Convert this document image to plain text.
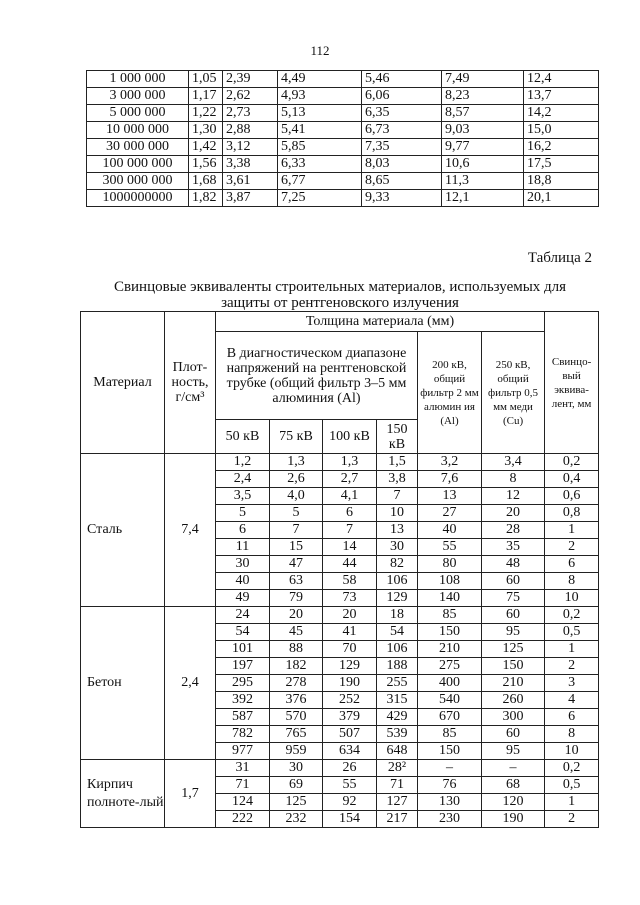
112
1 000 000	1,05	2,39	4,49	5,46	7,49	12,4
3 000 000	1,17	2,62	4,93	6,06	8,23	13,7
5 000 000	1,22	2,73	5,13	6,35	8,57	14,2
10 000 000	1,30	2,88	5,41	6,73	9,03	15,0
30 000 000	1,42	3,12	5,85	7,35	9,77	16,2
100 000 000	1,56	3,38	6,33	8,03	10,6	17,5
300 000 000	1,68	3,61	6,77	8,65	11,3	18,8
1000000000	1,82	3,87	7,25	9,33	12,1	20,1
Таблица 2
Свинцовые эквиваленты строительных материалов, используемых для защиты от рентгеновского излучения
Материал	Плот-ность, г/см³	Толщина материала (мм)						Свинцо-вый эквива-лент, мм
		В диагностическом диапазоне напряжений на рентгеновской трубке (общий фильтр 3–5 мм алюминия (Al)				200 кВ, общий фильтр 2 мм алюмин ия (Al)	250 кВ, общий фильтр 0,5 мм меди (Cu)	
		50 кВ	75 кВ	100 кВ	150 кВ			
Сталь	7,4	1,2	1,3	1,3	1,5	3,2	3,4	0,2
		2,4	2,6	2,7	3,8	7,6	8	0,4
		3,5	4,0	4,1	7	13	12	0,6
		5	5	6	10	27	20	0,8
		6	7	7	13	40	28	1
		11	15	14	30	55	35	2
		30	47	44	82	80	48	6
		40	63	58	106	108	60	8
		49	79	73	129	140	75	10
Бетон	2,4	24	20	20	18	85	60	0,2
		54	45	41	54	150	95	0,5
		101	88	70	106	210	125	1
		197	182	129	188	275	150	2
		295	278	190	255	400	210	3
		392	376	252	315	540	260	4
		587	570	379	429	670	300	6
		782	765	507	539	85	60	8
		977	959	634	648	150	95	10
Кирпич полноте-лый	1,7	31	30	26	28²	–	–	0,2
		71	69	55	71	76	68	0,5
		124	125	92	127	130	120	1
		222	232	154	217	230	190	2
